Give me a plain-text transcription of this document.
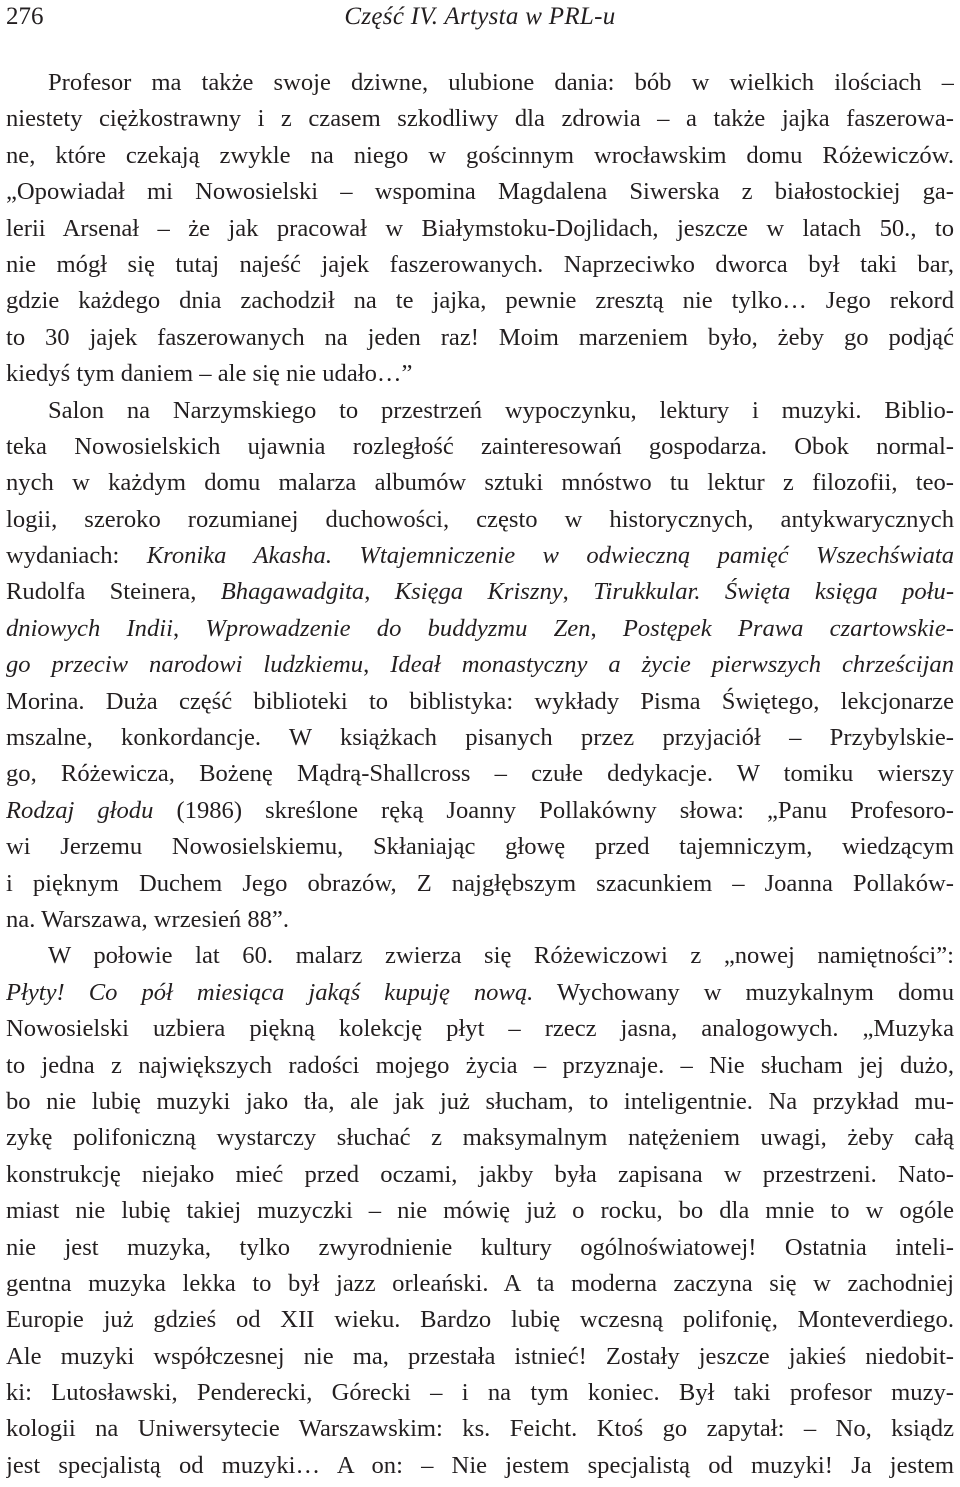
276	Część IV. Artysta w PRL-u
Profesor ma także swoje dziwne, ulubione dania: bób w wielkich ilościach –
niestety ciężkostrawny i z czasem szkodliwy dla zdrowia – a także jajka faszerowa-
ne, które czekają zwykle na niego w gościnnym wrocławskim domu Różewiczów.
„Opowiadał mi Nowosielski – wspomina Magdalena Siwerska z białostockiej ga-
lerii Arsenał – że jak pracował w Białymstoku-Dojlidach, jeszcze w latach 50., to
nie mógł się tutaj najeść jajek faszerowanych. Naprzeciwko dworca był taki bar,
gdzie każdego dnia zachodził na te jajka, pewnie zresztą nie tylko… Jego rekord
to 30 jajek faszerowanych na jeden raz! Moim marzeniem było, żeby go podjąć
kiedyś tym daniem – ale się nie udało…”
Salon na Narzymskiego to przestrzeń wypoczynku, lektury i muzyki. Biblio-
teka Nowosielskich ujawnia rozległość zainteresowań gospodarza. Obok normal-
nych w każdym domu malarza albumów sztuki mnóstwo tu lektur z filozofii, teo-
logii, szeroko rozumianej duchowości, często w historycznych, antykwarycznych
wydaniach: Kronika Akasha. Wtajemniczenie w odwieczną pamięć Wszechświata
Rudolfa Steinera, Bhagawadgita, Księga Kriszny, Tirukkular. Święta księga połu-
dniowych Indii, Wprowadzenie do buddyzmu Zen, Postępek Prawa czartowskie-
go przeciw narodowi ludzkiemu, Ideał monastyczny a życie pierwszych chrześcijan
Morina. Duża część biblioteki to biblistyka: wykłady Pisma Świętego, lekcjonarze
mszalne, konkordancje. W książkach pisanych przez przyjaciół – Przybylskie-
go, Różewicza, Bożenę Mądrą-Shallcross – czułe dedykacje. W tomiku wierszy
Rodzaj głodu (1986) skreślone ręką Joanny Pollakówny słowa: „Panu Profesoro-
wi Jerzemu Nowosielskiemu, Skłaniając głowę przed tajemniczym, wiedzącym
i pięknym Duchem Jego obrazów, Z najgłębszym szacunkiem – Joanna Pollaków-
na. Warszawa, wrzesień 88”.
W połowie lat 60. malarz zwierza się Różewiczowi z „nowej namiętności”:
Płyty! Co pół miesiąca jakąś kupuję nową. Wychowany w muzykalnym domu
Nowosielski uzbiera piękną kolekcję płyt – rzecz jasna, analogowych. „Muzyka
to jedna z największych radości mojego życia – przyznaje. – Nie słucham jej dużo,
bo nie lubię muzyki jako tła, ale jak już słucham, to inteligentnie. Na przykład mu-
zykę polifoniczną wystarczy słuchać z maksymalnym natężeniem uwagi, żeby całą
konstrukcję niejako mieć przed oczami, jakby była zapisana w przestrzeni. Nato-
miast nie lubię takiej muzyczki – nie mówię już o rocku, bo dla mnie to w ogóle
nie jest muzyka, tylko zwyrodnienie kultury ogólnoświatowej! Ostatnia inteli-
gentna muzyka lekka to był jazz orleański. A ta moderna zaczyna się w zachodniej
Europie już gdzieś od XII wieku. Bardzo lubię wczesną polifonię, Monteverdiego.
Ale muzyki współczesnej nie ma, przestała istnieć! Zostały jeszcze jakieś niedobit-
ki: Lutosławski, Penderecki, Górecki – i na tym koniec. Był taki profesor muzy-
kologii na Uniwersytecie Warszawskim: ks. Feicht. Ktoś go zapytał: – No, ksiądz
jest specjalistą od muzyki… A on: – Nie jestem specjalistą od muzyki! Ja jestem
